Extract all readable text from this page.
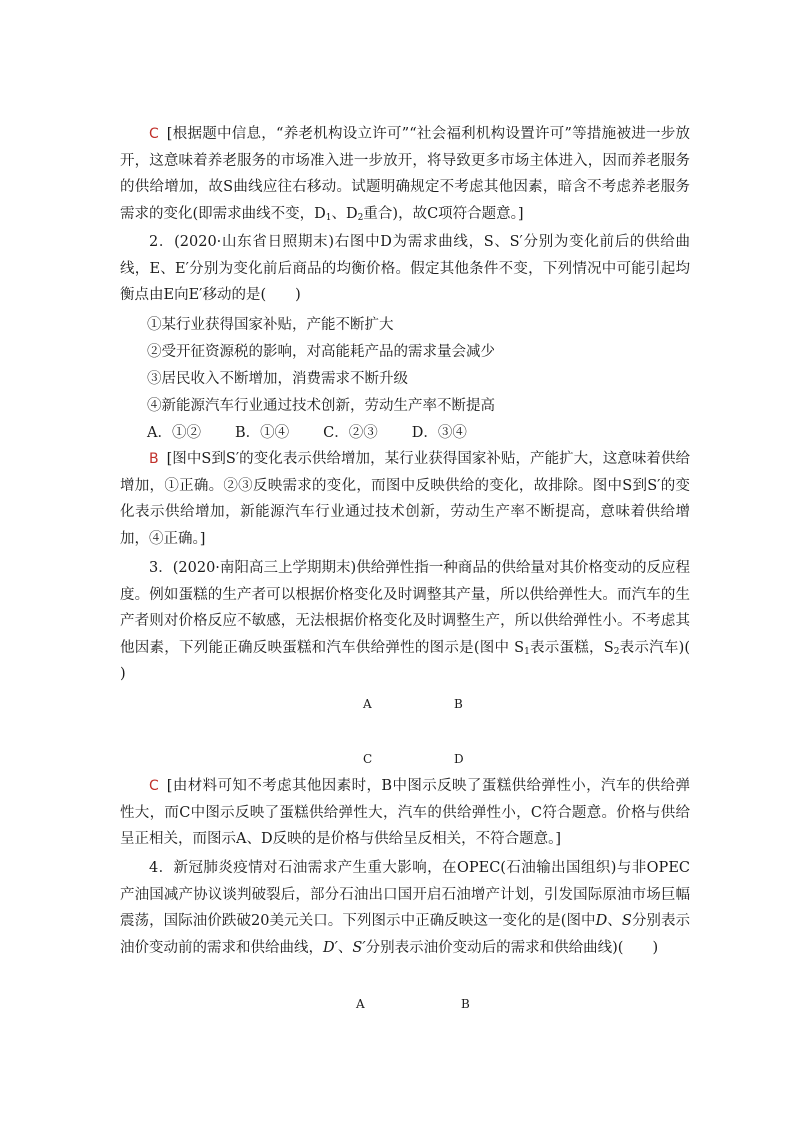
C [根据题中信息，“养老机构设立许可”“社会福利机构设置许可”等措施被进一步放开，这意味着养老服务的市场准入进一步放开，将导致更多市场主体进入，因而养老服务的供给增加，故S曲线应往右移动。试题明确规定不考虑其他因素，暗含不考虑养老服务需求的变化(即需求曲线不变，$D_1$、$D_2$重合)，故C项符合题意。]
2．(2020·山东省日照期末)右图中D为需求曲线，S、S′分别为变化前后的供给曲线，E、E′分别为变化前后商品的均衡价格。假定其他条件不变，下列情况中可能引起均衡点由E向E′移动的是(　　)
①某行业获得国家补贴，产能不断扩大
②受开征资源税的影响，对高能耗产品的需求量会减少
③居民收入不断增加，消费需求不断升级
④新能源汽车行业通过技术创新，劳动生产率不断提高
A．①② B．①④ C．②③ D．③④
B [图中S到S′的变化表示供给增加，某行业获得国家补贴，产能扩大，这意味着供给增加，①正确。②③反映需求的变化，而图中反映供给的变化，故排除。图中S到S′的变化表示供给增加，新能源汽车行业通过技术创新，劳动生产率不断提高，意味着供给增加，④正确。]
3．(2020·南阳高三上学期期末)供给弹性指一种商品的供给量对其价格变动的反应程度。例如蛋糕的生产者可以根据价格变化及时调整其产量，所以供给弹性大。而汽车的生产者则对价格反应不敏感，无法根据价格变化及时调整生产，所以供给弹性小。不考虑其他因素，下列能正确反映蛋糕和汽车供给弹性的图示是(图中 $S_1$表示蛋糕，$S_2$表示汽车)(　　)
A	B
C	D
C [由材料可知不考虑其他因素时，B中图示反映了蛋糕供给弹性小，汽车的供给弹性大，而C中图示反映了蛋糕供给弹性大，汽车的供给弹性小，C符合题意。价格与供给呈正相关，而图示A、D反映的是价格与供给呈反相关，不符合题意。]
4．新冠肺炎疫情对石油需求产生重大影响，在OPEC(石油输出国组织)与非OPEC产油国减产协议谈判破裂后，部分石油出口国开启石油增产计划，引发国际原油市场巨幅震荡，国际油价跌破20美元关口。下列图示中正确反映这一变化的是(图中D、S分别表示油价变动前的需求和供给曲线，D′、S′分别表示油价变动后的需求和供给曲线)(　　)
A	B
